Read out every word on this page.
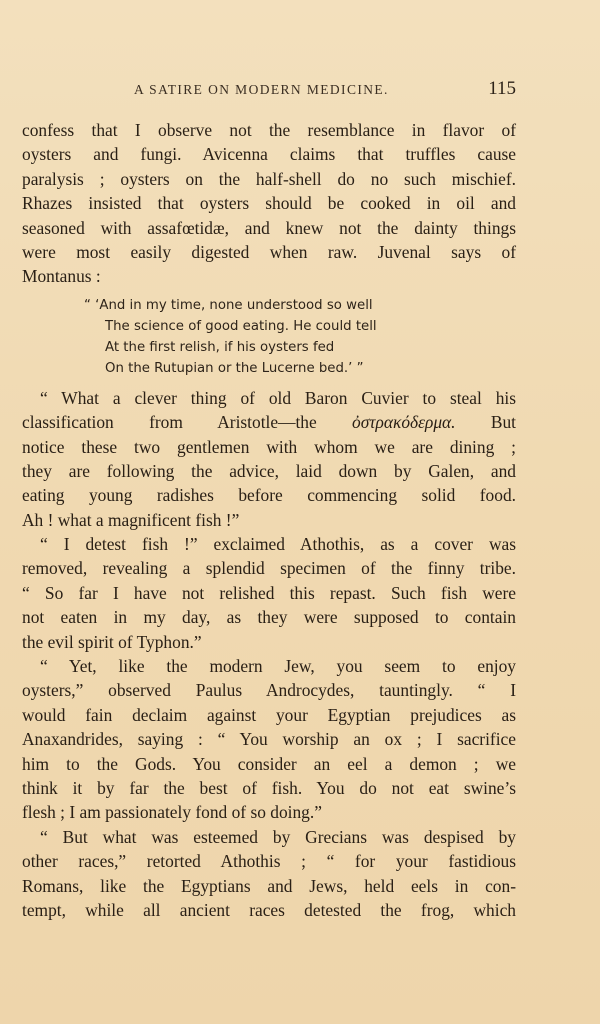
A SATIRE ON MODERN MEDICINE.	115
confess that I observe not the resemblance in flavor of
oysters and fungi. Avicenna claims that truffles cause
paralysis ; oysters on the half-shell do no such mischief.
Rhazes insisted that oysters should be cooked in oil and
seasoned with assafœtidæ, and knew not the dainty things
were most easily digested when raw. Juvenal says of
Montanus :
“ ‘And in my time, none understood so well
The science of good eating. He could tell
At the first relish, if his oysters fed
On the Rutupian or the Lucerne bed.’ ”
“ What a clever thing of old Baron Cuvier to steal his
classification from Aristotle—the ὀστρακόδερμα. But
notice these two gentlemen with whom we are dining ;
they are following the advice, laid down by Galen, and
eating young radishes before commencing solid food.
Ah ! what a magnificent fish !”
“ I detest fish !” exclaimed Athothis, as a cover was
removed, revealing a splendid specimen of the finny tribe.
“ So far I have not relished this repast. Such fish were
not eaten in my day, as they were supposed to contain
the evil spirit of Typhon.”
“ Yet, like the modern Jew, you seem to enjoy
oysters,” observed Paulus Androcydes, tauntingly. “ I
would fain declaim against your Egyptian prejudices as
Anaxandrides, saying : “ You worship an ox ; I sacrifice
him to the Gods. You consider an eel a demon ; we
think it by far the best of fish. You do not eat swine’s
flesh ; I am passionately fond of so doing.”
“ But what was esteemed by Grecians was despised by
other races,” retorted Athothis ; “ for your fastidious
Romans, like the Egyptians and Jews, held eels in con-
tempt, while all ancient races detested the frog, which
